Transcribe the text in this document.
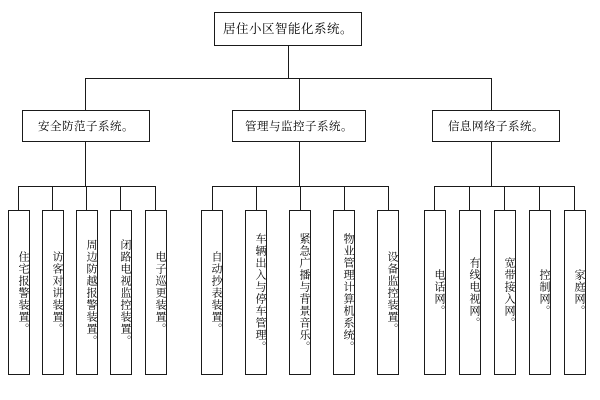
居住小区智能化系统。
安全防范子系统。
住宅报警装置。 访客对讲装置。 周边防越报警装置。 闭路电视监控装置。 电子巡更装置。
管理与监控子系统。
自动抄表装置。	车辆出入与停车管理。	紧急广播与背景音乐。	物业管理计算机系统。	设备监控装置。
信息网络子系统。
电话网。 有线电视网。 宽带接入网。 控制网。 家庭网。
